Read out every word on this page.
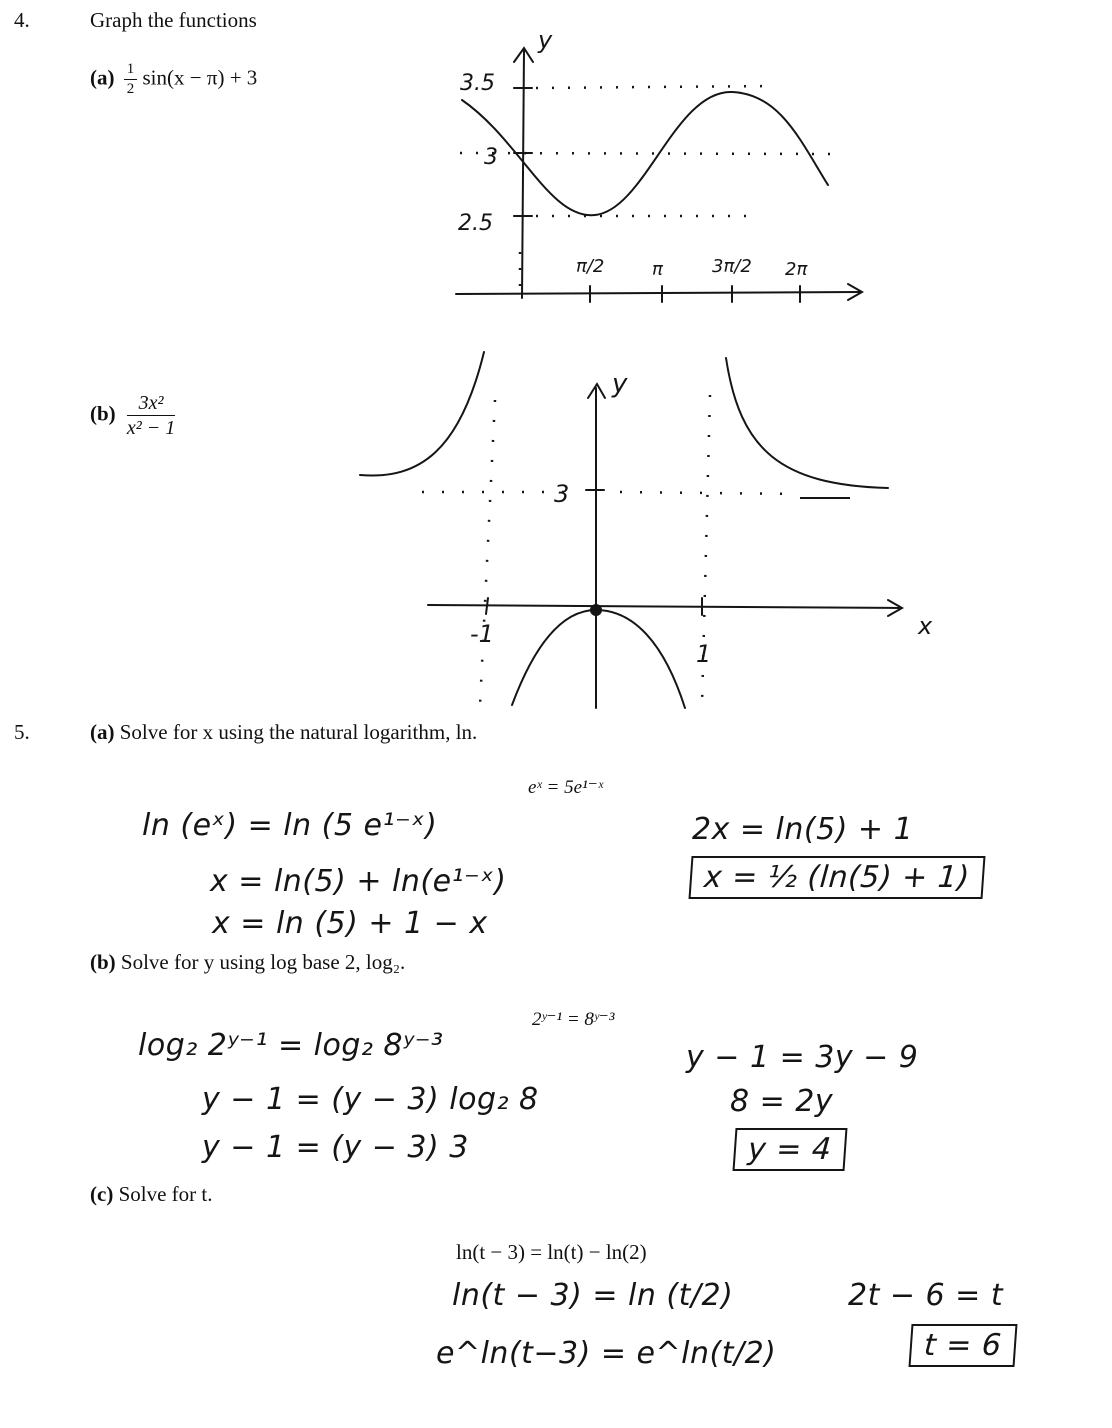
4.	Graph the functions
$(a) \frac{1}{2} \sin(x - \pi) + 3$	3.5
3
2.5
y
π/2	π	3π/2 2π
$(b) \frac{\text{3x²}}{\text{x² − 1}}$
3
y
x
-1
1
5.	(a) Solve for x using the natural logarithm, ln.
eˣ = 5e¹⁻ˣ
ln (eˣ) = ln (5 e¹⁻ˣ)
x = ln(5) + ln(e¹⁻ˣ)
x = ln (5) + 1 − x
2x = ln(5) + 1
x = ½ (ln(5) + 1)
(b) Solve for y using log base 2, log₂.
2ʸ⁻¹ = 8ʸ⁻³
log₂ 2ʸ⁻¹ = log₂ 8ʸ⁻³
y − 1 = (y − 3) log₂ 8
y − 1 = (y − 3) 3
y − 1 = 3y − 9
8 = 2y
y = 4
(c) Solve for t.
ln(t − 3) = ln(t) − ln(2)
ln(t − 3) = ln (t/2)
e^ln(t−3) = e^ln(t/2)
2t − 6 = t
t = 6
